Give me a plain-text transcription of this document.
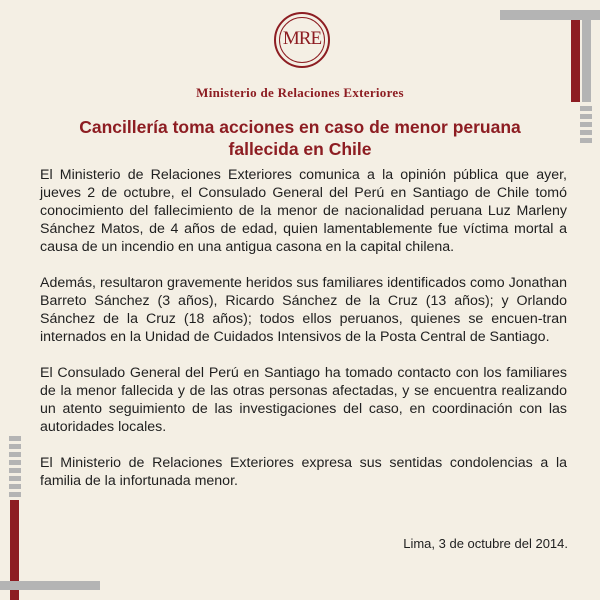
MRE
Ministerio de Relaciones Exteriores
Cancillería toma acciones en caso de menor peruana
fallecida en Chile

El Ministerio de Relaciones Exteriores comunica a la opinión pública que ayer, jueves 2 de octubre, el Consulado General del Perú en Santiago de Chile tomó conocimiento del fallecimiento de la menor de nacionalidad peruana Luz Marleny Sánchez Matos, de 4 años de edad, quien lamentablemente fue víctima mortal a causa de un incendio en una antigua casona en la capital chilena.

Además, resultaron gravemente heridos sus familiares identificados como Jonathan Barreto Sánchez (3 años), Ricardo Sánchez de la Cruz (13 años); y Orlando Sánchez de la Cruz (18 años); todos ellos peruanos, quienes se encuen-tran internados en la Unidad de Cuidados Intensivos de la Posta Central de Santiago.

El Consulado General del Perú en Santiago ha tomado contacto con los familiares de la menor fallecida y de las otras personas afectadas, y se encuentra realizando un atento seguimiento de las investigaciones del caso, en coordinación con las autoridades locales.

El Ministerio de Relaciones Exteriores expresa sus sentidas condolencias a la familia de la infortunada menor.

Lima, 3 de octubre del 2014.
